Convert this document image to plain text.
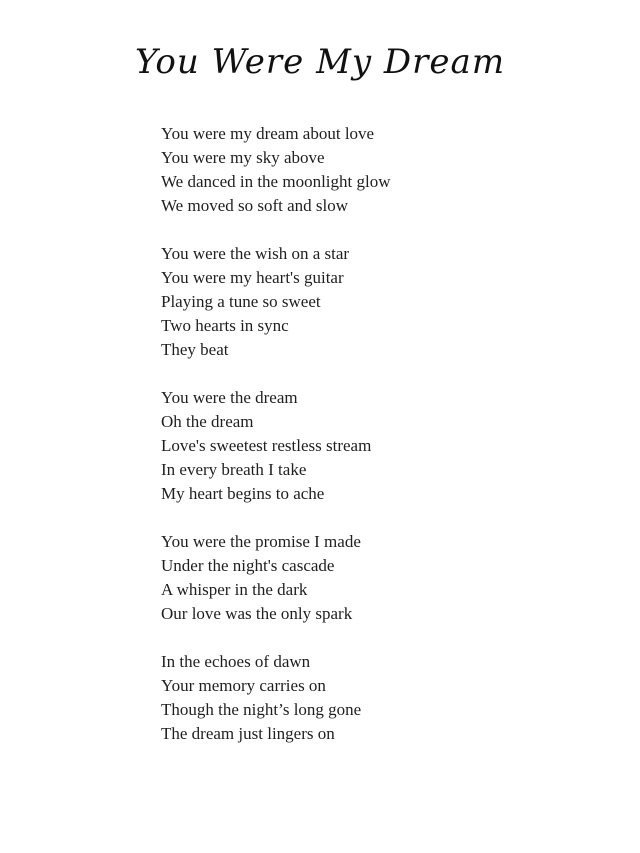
You Were My Dream
You were my dream about love
You were my sky above
We danced in the moonlight glow
We moved so soft and slow
You were the wish on a star
You were my heart's guitar
Playing a tune so sweet
Two hearts in sync
They beat
You were the dream
Oh the dream
Love's sweetest restless stream
In every breath I take
My heart begins to ache
You were the promise I made
Under the night's cascade
A whisper in the dark
Our love was the only spark
In the echoes of dawn
Your memory carries on
Though the night’s long gone
The dream just lingers on
